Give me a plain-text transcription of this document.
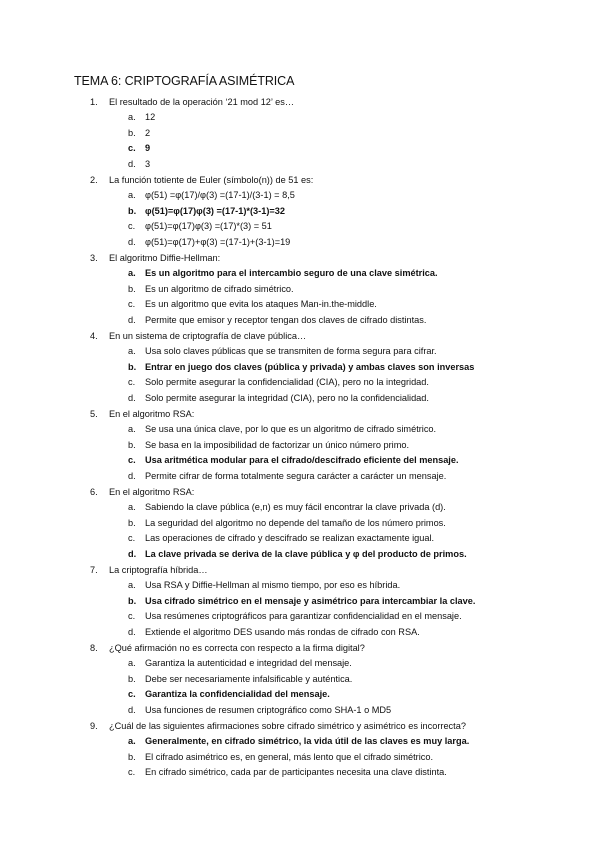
TEMA 6: CRIPTOGRAFÍA ASIMÉTRICA
1. El resultado de la operación ‘21 mod 12’ es…
a. 12
b. 2
c. 9
d. 3
2. La función totiente de Euler (símbolo(n)) de 51 es:
a. φ(51) =φ(17)/φ(3) =(17-1)/(3-1) = 8,5
b. φ(51)=φ(17)φ(3) =(17-1)*(3-1)=32
c. φ(51)=φ(17)φ(3) =(17)*(3) = 51
d. φ(51)=φ(17)+φ(3) =(17-1)+(3-1)=19
3. El algoritmo Diffie-Hellman:
a. Es un algoritmo para el intercambio seguro de una clave simétrica.
b. Es un algoritmo de cifrado simétrico.
c. Es un algoritmo que evita los ataques Man-in.the-middle.
d. Permite que emisor y receptor tengan dos claves de cifrado distintas.
4. En un sistema de criptografía de clave pública…
a. Usa solo claves públicas que se transmiten de forma segura para cifrar.
b. Entrar en juego dos claves (pública y privada) y ambas claves son inversas
c. Solo permite asegurar la confidencialidad (CIA), pero no la integridad.
d. Solo permite asegurar la integridad (CIA), pero no la confidencialidad.
5. En el algoritmo RSA:
a. Se usa una única clave, por lo que es un algoritmo de cifrado simétrico.
b. Se basa en la imposibilidad de factorizar un único número primo.
c. Usa aritmética modular para el cifrado/descifrado eficiente del mensaje.
d. Permite cifrar de forma totalmente segura carácter a carácter un mensaje.
6. En el algoritmo RSA:
a. Sabiendo la clave pública (e,n) es muy fácil encontrar la clave privada (d).
b. La seguridad del algoritmo no depende del tamaño de los número primos.
c. Las operaciones de cifrado y descifrado se realizan exactamente igual.
d. La clave privada se deriva de la clave pública y φ del producto de primos.
7. La criptografía híbrida…
a. Usa RSA y Diffie-Hellman al mismo tiempo, por eso es híbrida.
b. Usa cifrado simétrico en el mensaje y asimétrico para intercambiar la clave.
c. Usa resúmenes criptográficos para garantizar confidencialidad en el mensaje.
d. Extiende el algoritmo DES usando más rondas de cifrado con RSA.
8. ¿Qué afirmación no es correcta con respecto a la firma digital?
a. Garantiza la autenticidad e integridad del mensaje.
b. Debe ser necesariamente infalsificable y auténtica.
c. Garantiza la confidencialidad del mensaje.
d. Usa funciones de resumen criptográfico como SHA-1 o MD5
9. ¿Cuál de las siguientes afirmaciones sobre cifrado simétrico y asimétrico es incorrecta?
a. Generalmente, en cifrado simétrico, la vida útil de las claves es muy larga.
b. El cifrado asimétrico es, en general, más lento que el cifrado simétrico.
c. En cifrado simétrico, cada par de participantes necesita una clave distinta.
